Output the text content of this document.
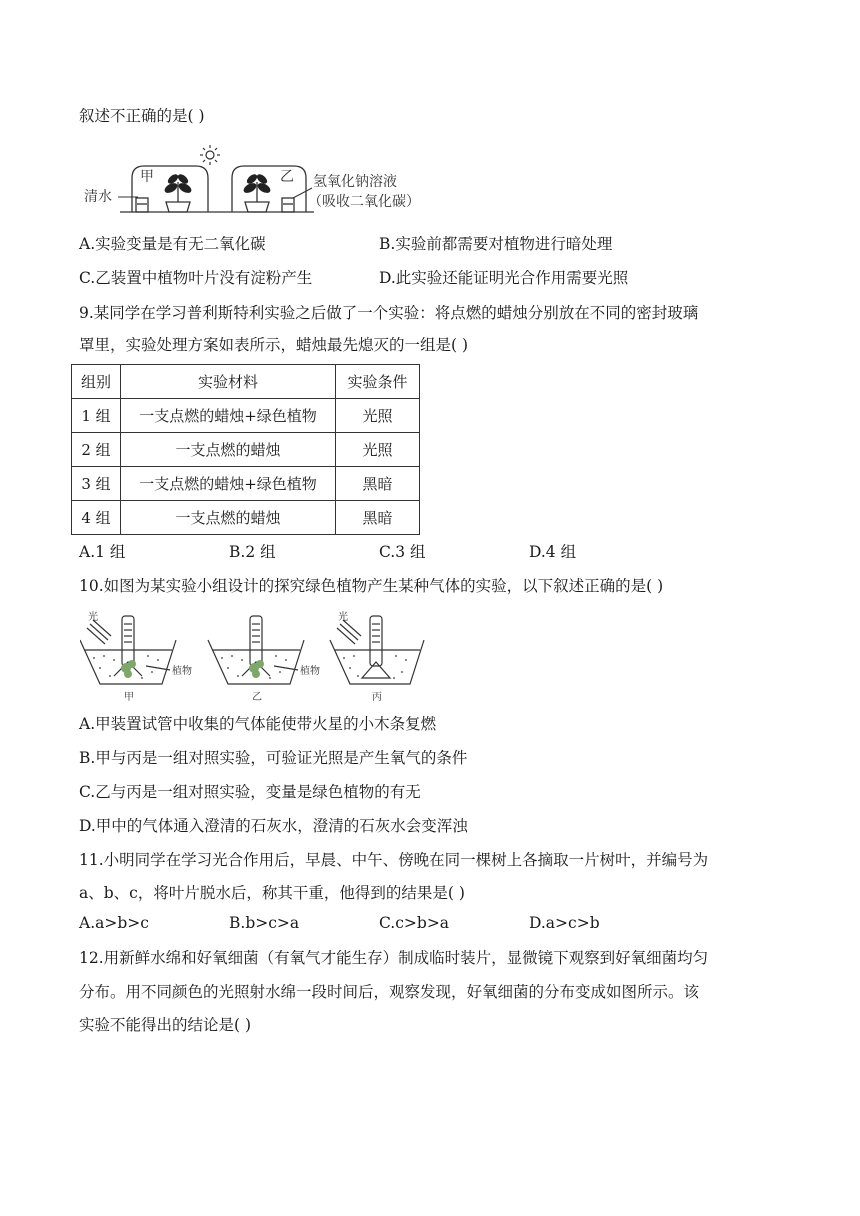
叙述不正确的是( )
清水
甲	乙 氢氧化钠溶液
（吸收二氧化碳）
A.实验变量是有无二氧化碳	B.实验前都需要对植物进行暗处理
C.乙装置中植物叶片没有淀粉产生	D.此实验还能证明光合作用需要光照
9.某同学在学习普利斯特利实验之后做了一个实验：将点燃的蜡烛分别放在不同的密封玻璃
罩里，实验处理方案如表所示，蜡烛最先熄灭的一组是( )
组别	实验材料	实验条件
1 组	一支点燃的蜡烛+绿色植物	光照
2 组	一支点燃的蜡烛	光照
3 组	一支点燃的蜡烛+绿色植物	黑暗
4 组	一支点燃的蜡烛	黑暗
A.1 组	B.2 组	C.3 组	D.4 组
10.如图为某实验小组设计的探究绿色植物产生某种气体的实验，以下叙述正确的是( )
光
植物
甲
植物
乙
光
丙
A.甲装置试管中收集的气体能使带火星的小木条复燃
B.甲与丙是一组对照实验，可验证光照是产生氧气的条件
C.乙与丙是一组对照实验，变量是绿色植物的有无
D.甲中的气体通入澄清的石灰水，澄清的石灰水会变浑浊
11.小明同学在学习光合作用后，早晨、中午、傍晚在同一棵树上各摘取一片树叶，并编号为
a、b、c，将叶片脱水后，称其干重，他得到的结果是( )
A.a>b>c	B.b>c>a	C.c>b>a	D.a>c>b
12.用新鲜水绵和好氧细菌（有氧气才能生存）制成临时装片，显微镜下观察到好氧细菌均匀
分布。用不同颜色的光照射水绵一段时间后，观察发现，好氧细菌的分布变成如图所示。该
实验不能得出的结论是( )
